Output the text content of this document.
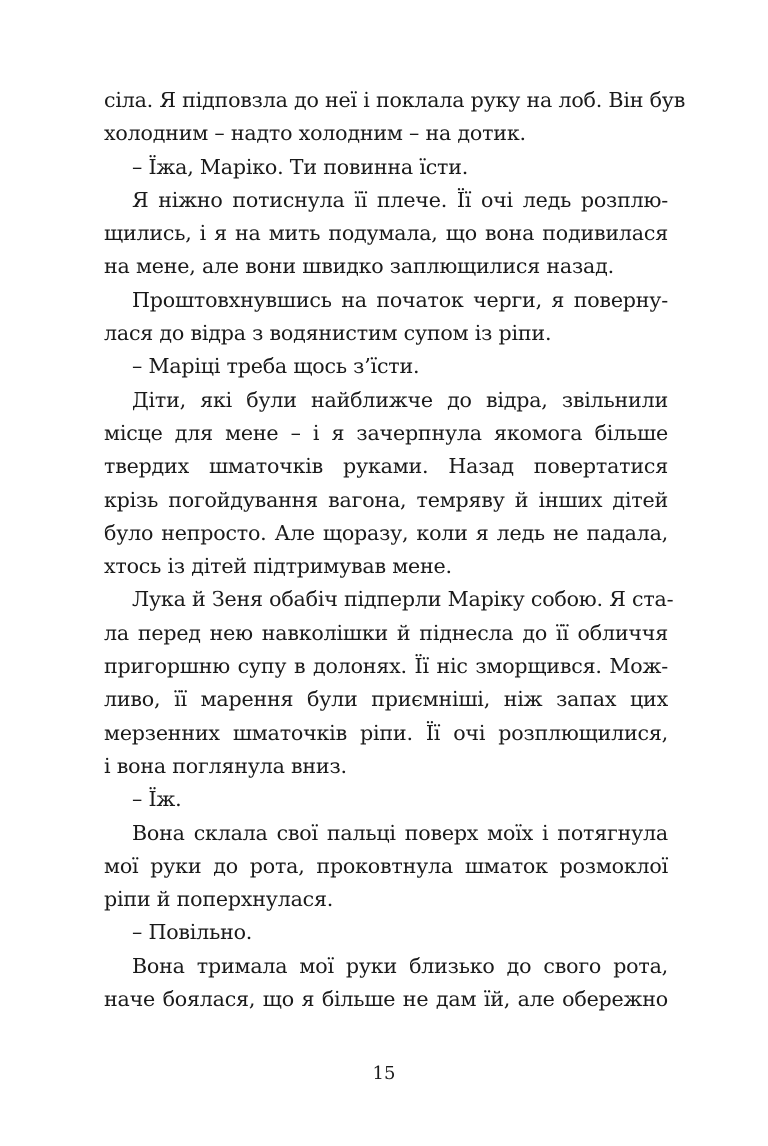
сіла. Я підповзла до неї і поклала руку на лоб. Він був
холодним – надто холодним – на дотик.
– Їжа, Маріко. Ти повинна їсти.
Я ніжно потиснула її плече. Її очі ледь розплю-
щились, і я на мить подумала, що вона подивилася
на мене, але вони швидко заплющилися назад.
Проштовхнувшись на початок черги, я поверну-
лася до відра з водянистим супом із ріпи.
– Маріці треба щось з’їсти.
Діти, які були найближче до відра, звільнили
місце для мене – і я зачерпнула якомога більше
твердих шматочків руками. Назад повертатися
крізь погойдування вагона, темряву й інших дітей
було непросто. Але щоразу, коли я ледь не падала,
хтось із дітей підтримував мене.
Лука й Зеня обабіч підперли Маріку собою. Я ста-
ла перед нею навколішки й піднесла до її обличчя
пригоршню супу в долонях. Її ніс зморщився. Мож-
ливо, її марення були приємніші, ніж запах цих
мерзенних шматочків ріпи. Її очі розплющилися,
і вона поглянула вниз.
– Їж.
Вона склала свої пальці поверх моїх і потягнула
мої руки до рота, проковтнула шматок розмоклої
ріпи й поперхнулася.
– Повільно.
Вона тримала мої руки близько до свого рота,
наче боялася, що я більше не дам їй, але обережно
15
